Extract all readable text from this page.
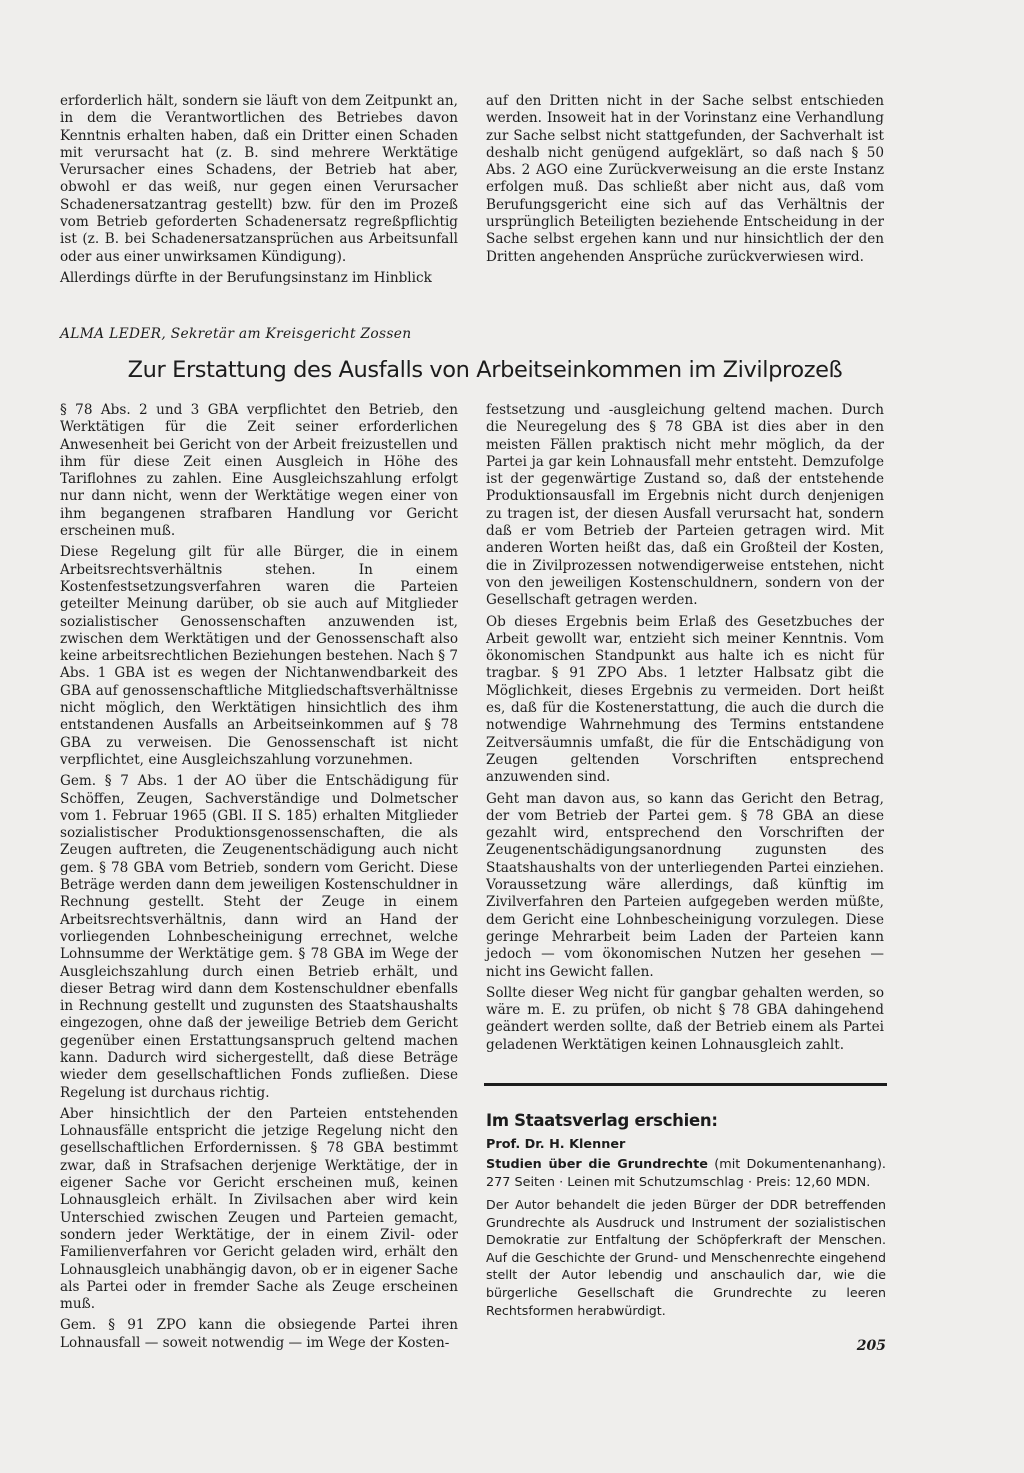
erforderlich hält, sondern sie läuft von dem Zeitpunkt an, in dem die Verantwortlichen des Betriebes davon Kenntnis erhalten haben, daß ein Dritter einen Schaden mit verursacht hat (z. B. sind mehrere Werktätige Verursacher eines Schadens, der Betrieb hat aber, obwohl er das weiß, nur gegen einen Verursacher Schadenersatzantrag gestellt) bzw. für den im Prozeß vom Betrieb geforderten Schadenersatz regreßpflichtig ist (z. B. bei Schadenersatzansprüchen aus Arbeitsunfall oder aus einer unwirksamen Kündigung).

Allerdings dürfte in der Berufungsinstanz im Hinblick

auf den Dritten nicht in der Sache selbst entschieden werden. Insoweit hat in der Vorinstanz eine Verhandlung zur Sache selbst nicht stattgefunden, der Sachverhalt ist deshalb nicht genügend aufgeklärt, so daß nach § 50 Abs. 2 AGO eine Zurückverweisung an die erste Instanz erfolgen muß. Das schließt aber nicht aus, daß vom Berufungsgericht eine sich auf das Verhältnis der ursprünglich Beteiligten beziehende Entscheidung in der Sache selbst ergehen kann und nur hinsichtlich der den Dritten angehenden Ansprüche zurückverwiesen wird.

ALMA LEDER, Sekretär am Kreisgericht Zossen
Zur Erstattung des Ausfalls von Arbeitseinkommen im Zivilprozeß

§ 78 Abs. 2 und 3 GBA verpflichtet den Betrieb, den Werktätigen für die Zeit seiner erforderlichen Anwesenheit bei Gericht von der Arbeit freizustellen und ihm für diese Zeit einen Ausgleich in Höhe des Tariflohnes zu zahlen. Eine Ausgleichszahlung erfolgt nur dann nicht, wenn der Werktätige wegen einer von ihm begangenen strafbaren Handlung vor Gericht erscheinen muß.

Diese Regelung gilt für alle Bürger, die in einem Arbeitsrechtsverhältnis stehen. In einem Kostenfestsetzungsverfahren waren die Parteien geteilter Meinung darüber, ob sie auch auf Mitglieder sozialistischer Genossenschaften anzuwenden ist, zwischen dem Werktätigen und der Genossenschaft also keine arbeitsrechtlichen Beziehungen bestehen. Nach § 7 Abs. 1 GBA ist es wegen der Nichtanwendbarkeit des GBA auf genossenschaftliche Mitgliedschaftsverhältnisse nicht möglich, den Werktätigen hinsichtlich des ihm entstandenen Ausfalls an Arbeitseinkommen auf § 78 GBA zu verweisen. Die Genossenschaft ist nicht verpflichtet, eine Ausgleichszahlung vorzunehmen.

Gem. § 7 Abs. 1 der AO über die Entschädigung für Schöffen, Zeugen, Sachverständige und Dolmetscher vom 1. Februar 1965 (GBl. II S. 185) erhalten Mitglieder sozialistischer Produktionsgenossenschaften, die als Zeugen auftreten, die Zeugenentschädigung auch nicht gem. § 78 GBA vom Betrieb, sondern vom Gericht. Diese Beträge werden dann dem jeweiligen Kostenschuldner in Rechnung gestellt. Steht der Zeuge in einem Arbeitsrechtsverhältnis, dann wird an Hand der vorliegenden Lohnbescheinigung errechnet, welche Lohnsumme der Werktätige gem. § 78 GBA im Wege der Ausgleichszahlung durch einen Betrieb erhält, und dieser Betrag wird dann dem Kostenschuldner ebenfalls in Rechnung gestellt und zugunsten des Staatshaushalts eingezogen, ohne daß der jeweilige Betrieb dem Gericht gegenüber einen Erstattungsanspruch geltend machen kann. Dadurch wird sichergestellt, daß diese Beträge wieder dem gesellschaftlichen Fonds zufließen. Diese Regelung ist durchaus richtig.

Aber hinsichtlich der den Parteien entstehenden Lohnausfälle entspricht die jetzige Regelung nicht den gesellschaftlichen Erfordernissen. § 78 GBA bestimmt zwar, daß in Strafsachen derjenige Werktätige, der in eigener Sache vor Gericht erscheinen muß, keinen Lohnausgleich erhält. In Zivilsachen aber wird kein Unterschied zwischen Zeugen und Parteien gemacht, sondern jeder Werktätige, der in einem Zivil- oder Familienverfahren vor Gericht geladen wird, erhält den Lohnausgleich unabhängig davon, ob er in eigener Sache als Partei oder in fremder Sache als Zeuge erscheinen muß.

Gem. § 91 ZPO kann die obsiegende Partei ihren Lohnausfall — soweit notwendig — im Wege der Kosten-

festsetzung und -ausgleichung geltend machen. Durch die Neuregelung des § 78 GBA ist dies aber in den meisten Fällen praktisch nicht mehr möglich, da der Partei ja gar kein Lohnausfall mehr entsteht. Demzufolge ist der gegenwärtige Zustand so, daß der entstehende Produktionsausfall im Ergebnis nicht durch denjenigen zu tragen ist, der diesen Ausfall verursacht hat, sondern daß er vom Betrieb der Parteien getragen wird. Mit anderen Worten heißt das, daß ein Großteil der Kosten, die in Zivilprozessen notwendigerweise entstehen, nicht von den jeweiligen Kostenschuldnern, sondern von der Gesellschaft getragen werden.

Ob dieses Ergebnis beim Erlaß des Gesetzbuches der Arbeit gewollt war, entzieht sich meiner Kenntnis. Vom ökonomischen Standpunkt aus halte ich es nicht für tragbar. § 91 ZPO Abs. 1 letzter Halbsatz gibt die Möglichkeit, dieses Ergebnis zu vermeiden. Dort heißt es, daß für die Kostenerstattung, die auch die durch die notwendige Wahrnehmung des Termins entstandene Zeitversäumnis umfaßt, die für die Entschädigung von Zeugen geltenden Vorschriften entsprechend anzuwenden sind.

Geht man davon aus, so kann das Gericht den Betrag, der vom Betrieb der Partei gem. § 78 GBA an diese gezahlt wird, entsprechend den Vorschriften der Zeugenentschädigungsanordnung zugunsten des Staatshaushalts von der unterliegenden Partei einziehen. Voraussetzung wäre allerdings, daß künftig im Zivilverfahren den Parteien aufgegeben werden müßte, dem Gericht eine Lohnbescheinigung vorzulegen. Diese geringe Mehrarbeit beim Laden der Parteien kann jedoch — vom ökonomischen Nutzen her gesehen — nicht ins Gewicht fallen.

Sollte dieser Weg nicht für gangbar gehalten werden, so wäre m. E. zu prüfen, ob nicht § 78 GBA dahingehend geändert werden sollte, daß der Betrieb einem als Partei geladenen Werktätigen keinen Lohnausgleich zahlt.

Im Staatsverlag erschien:
Prof. Dr. H. Klenner
Studien über die Grundrechte (mit Dokumentenanhang). 277 Seiten · Leinen mit Schutzumschlag · Preis: 12,60 MDN.

Der Autor behandelt die jeden Bürger der DDR betreffenden Grundrechte als Ausdruck und Instrument der sozialistischen Demokratie zur Entfaltung der Schöpferkraft der Menschen. Auf die Geschichte der Grund- und Menschenrechte eingehend stellt der Autor lebendig und anschaulich dar, wie die bürgerliche Gesellschaft die Grundrechte zu leeren Rechtsformen herabwürdigt.

205
